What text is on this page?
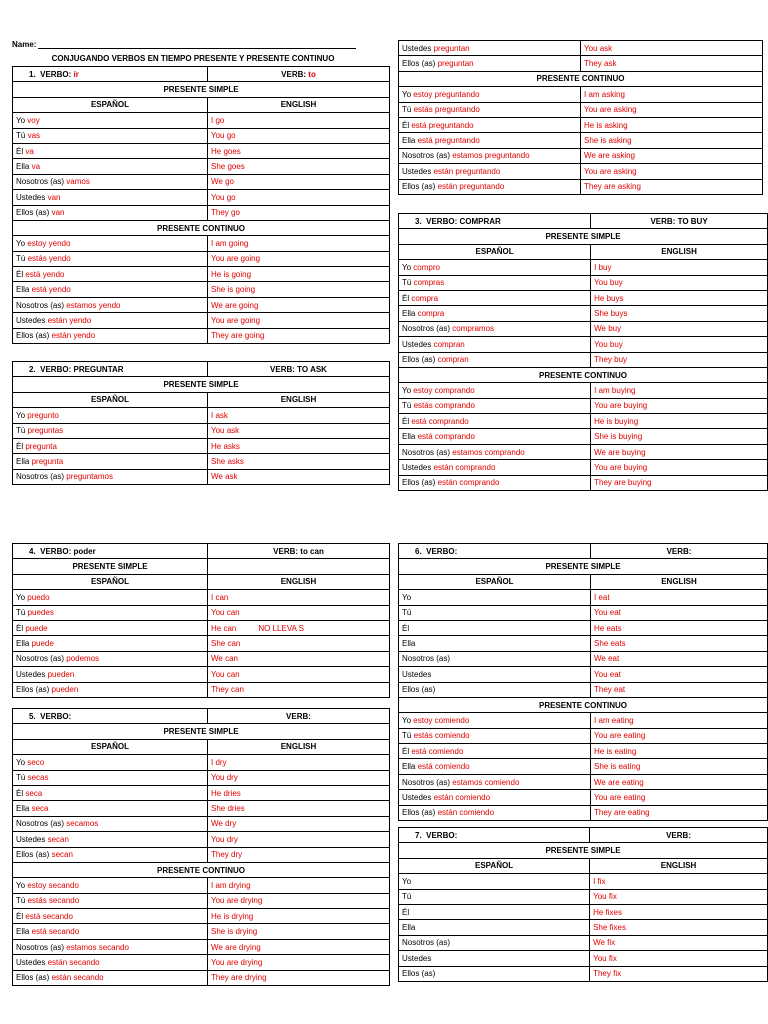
Name:
CONJUGANDO VERBOS EN TIEMPO PRESENTE Y PRESENTE CONTINUO
1. VERBO: ír	VERB: to
PRESENTE SIMPLE	
ESPAÑOL	ENGLISH
Yo voy	I go
Tú vas	You go
Él va	He goes
Ella va	She goes
Nosotros (as) vamos	We go
Ustedes van	You go
Ellos (as) van	They go
PRESENTE CONTINUO	
Yo estoy yendo	I am going
Tú estás yendo	You are going
Él está yendo	He is going
Ella está yendo	She is going
Nosotros (as) estamos yendo	We are going
Ustedes están yendo	You are going
Ellos (as) están yendo	They are going
2. VERBO: PREGUNTAR	VERB: TO ASK
PRESENTE SIMPLE	
ESPAÑOL	ENGLISH
Yo pregunto	I ask
Tú preguntas	You ask
Él pregunta	He asks
Ella pregunta	She asks
Nosotros (as) preguntamos	We ask
Ustedes preguntan	You ask
Ellos (as) preguntan	They ask
PRESENTE CONTINUO	
Yo estoy preguntando	I am asking
Tú estás preguntando	You are asking
Él está preguntando	He is asking
Ella está preguntando	She is asking
Nosotros (as) estamos preguntando	We are asking
Ustedes están preguntando	You are asking
Ellos (as) están preguntando	They are asking
3. VERBO: COMPRAR	VERB: TO BUY
PRESENTE SIMPLE	
ESPAÑOL	ENGLISH
Yo compro	I buy
Tú compras	You buy
Él compra	He buys
Ella compra	She buys
Nosotros (as) compramos	We buy
Ustedes compran	You buy
Ellos (as) compran	They buy
PRESENTE CONTINUO	
Yo estoy comprando	I am buying
Tú estás comprando	You are buying
Él está comprando	He is buying
Ella está comprando	She is buying
Nosotros (as) estamos comprando	We are buying
Ustedes están comprando	You are buying
Ellos (as) están comprando	They are buying
4. VERBO: poder	VERB: to can
PRESENTE SIMPLE	
ESPAÑOL	ENGLISH
Yo puedo	I can
Tú puedes	You can
Él puede	He can NO LLEVA S
Ella puede	She can
Nosotros (as) podemos	We can
Ustedes pueden	You can
Ellos (as) pueden	They can
5. VERBO:	VERB:
PRESENTE SIMPLE	
ESPAÑOL	ENGLISH
Yo seco	I dry
Tú secas	You dry
Él seca	He dries
Ella seca	She dries
Nosotros (as) secamos	We dry
Ustedes secan	You dry
Ellos (as) secan	They dry
PRESENTE CONTINUO	
Yo estoy secando	I am drying
Tú estás secando	You are drying
Él está secando	He is drying
Ella está secando	She is drying
Nosotros (as) estamos secando	We are drying
Ustedes están secando	You are drying
Ellos (as) están secando	They are drying
6. VERBO:	VERB:
PRESENTE SIMPLE	
ESPAÑOL	ENGLISH
Yo	I eat
Tú	You eat
Él	He eats
Ella	She eats
Nosotros (as)	We eat
Ustedes	You eat
Ellos (as)	They eat
PRESENTE CONTINUO	
Yo estoy comiendo	I am eating
Tú estás comiendo	You are eating
Él está comiendo	He is eating
Ella está comiendo	She is eating
Nosotros (as) estamos comiendo	We are eating
Ustedes están comiendo	You are eating
Ellos (as) están comiendo	They are eating
7. VERBO:	VERB:
PRESENTE SIMPLE	
ESPAÑOL	ENGLISH
Yo	I fix
Tú	You fix
Él	He fixes
Ella	She fixes
Nosotros (as)	We fix
Ustedes	You fix
Ellos (as)	They fix
